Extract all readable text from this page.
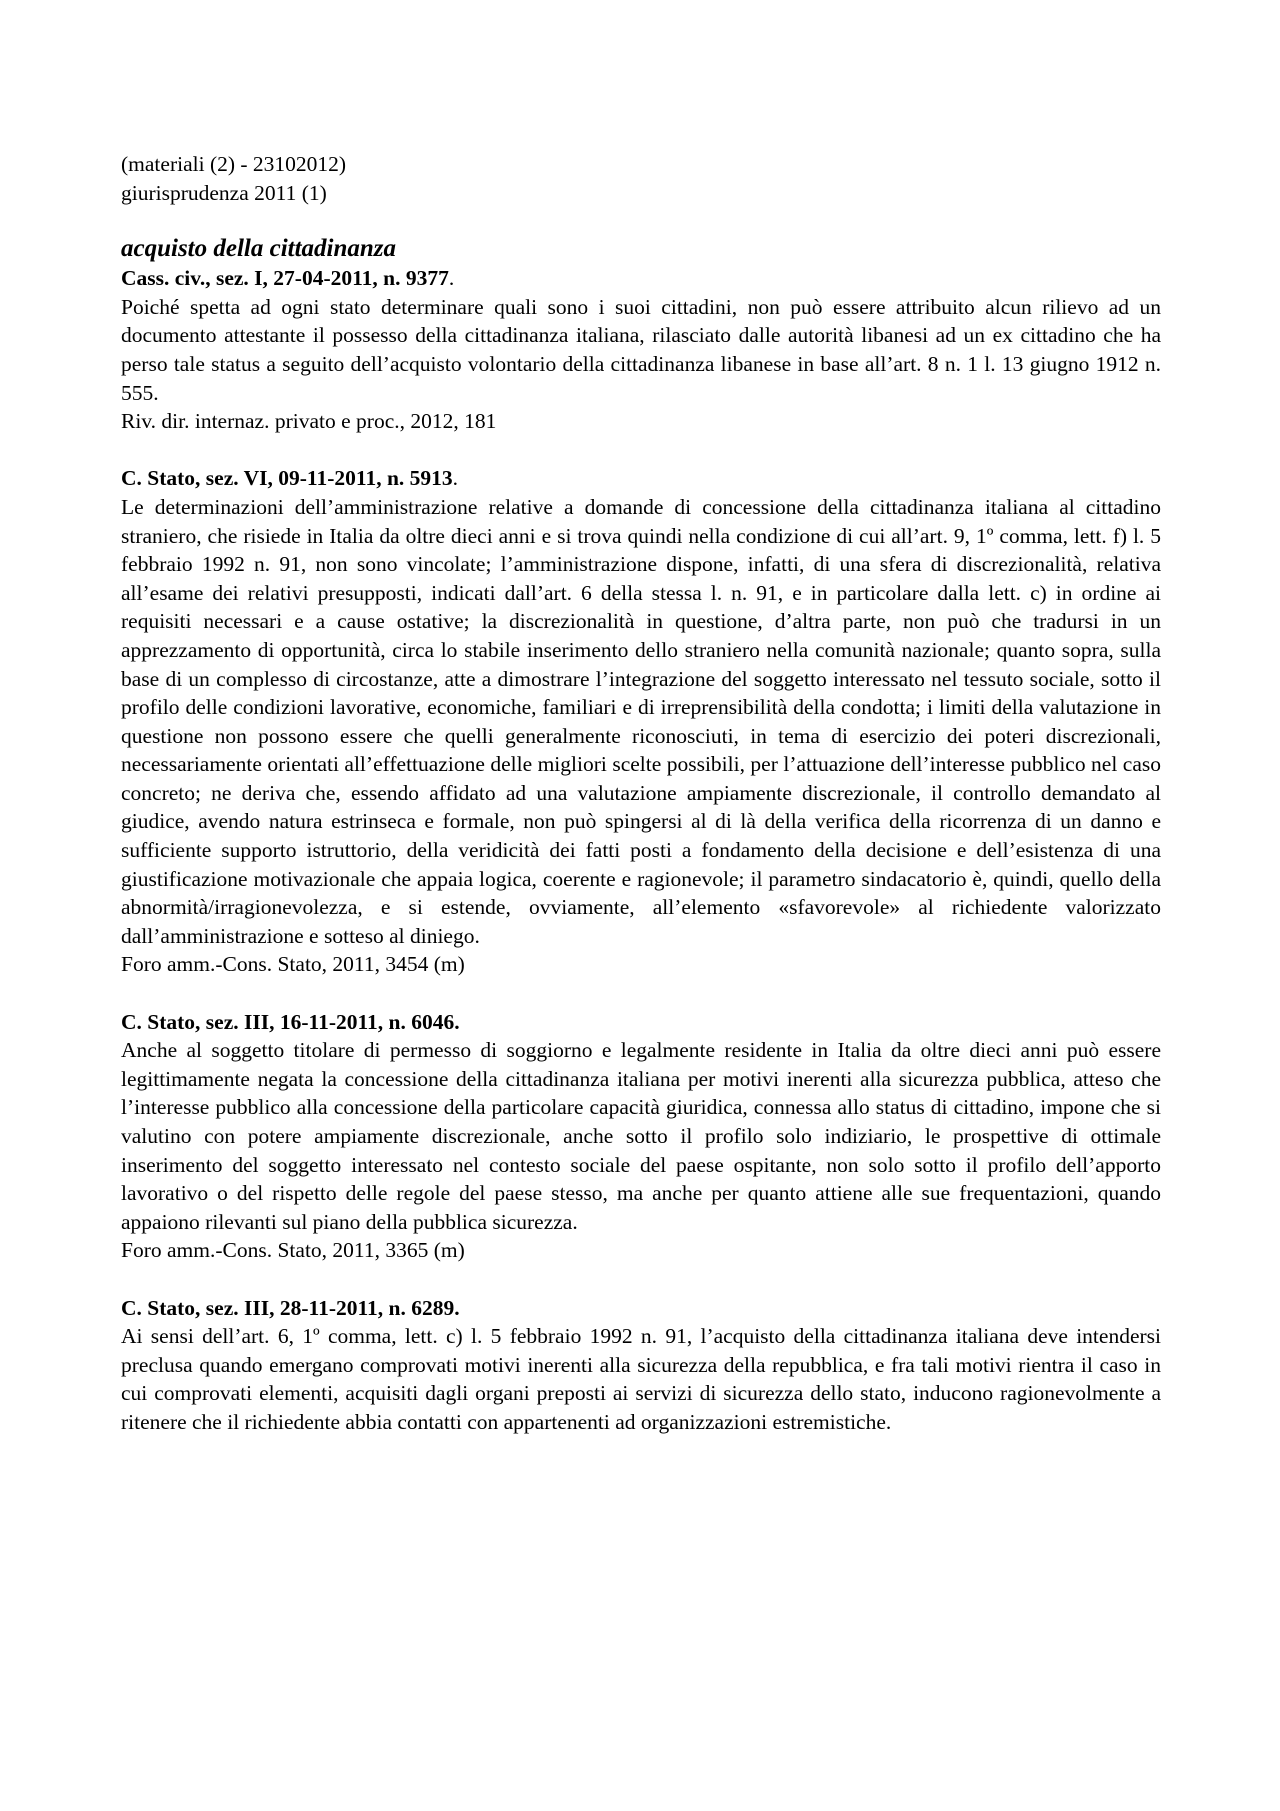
(materiali (2) - 23102012)
giurisprudenza 2011 (1)
acquisto della cittadinanza
Cass. civ., sez. I, 27-04-2011, n. 9377.
Poiché spetta ad ogni stato determinare quali sono i suoi cittadini, non può essere attribuito alcun rilievo ad un documento attestante il possesso della cittadinanza italiana, rilasciato dalle autorità libanesi ad un ex cittadino che ha perso tale status a seguito dell’acquisto volontario della cittadinanza libanese in base all’art. 8 n. 1 l. 13 giugno 1912 n. 555.
Riv. dir. internaz. privato e proc., 2012, 181
C. Stato, sez. VI, 09-11-2011, n. 5913.
Le determinazioni dell’amministrazione relative a domande di concessione della cittadinanza italiana al cittadino straniero, che risiede in Italia da oltre dieci anni e si trova quindi nella condizione di cui all’art. 9, 1º comma, lett. f) l. 5 febbraio 1992 n. 91, non sono vincolate; l’amministrazione dispone, infatti, di una sfera di discrezionalità, relativa all’esame dei relativi presupposti, indicati dall’art. 6 della stessa l. n. 91, e in particolare dalla lett. c) in ordine ai requisiti necessari e a cause ostative; la discrezionalità in questione, d’altra parte, non può che tradursi in un apprezzamento di opportunità, circa lo stabile inserimento dello straniero nella comunità nazionale; quanto sopra, sulla base di un complesso di circostanze, atte a dimostrare l’integrazione del soggetto interessato nel tessuto sociale, sotto il profilo delle condizioni lavorative, economiche, familiari e di irreprensibilità della condotta; i limiti della valutazione in questione non possono essere che quelli generalmente riconosciuti, in tema di esercizio dei poteri discrezionali, necessariamente orientati all’effettuazione delle migliori scelte possibili, per l’attuazione dell’interesse pubblico nel caso concreto; ne deriva che, essendo affidato ad una valutazione ampiamente discrezionale, il controllo demandato al giudice, avendo natura estrinseca e formale, non può spingersi al di là della verifica della ricorrenza di un danno e sufficiente supporto istruttorio, della veridicità dei fatti posti a fondamento della decisione e dell’esistenza di una giustificazione motivazionale che appaia logica, coerente e ragionevole; il parametro sindacatorio è, quindi, quello della abnormità/irragionevolezza, e si estende, ovviamente, all’elemento «sfavorevole» al richiedente valorizzato dall’amministrazione e sotteso al diniego.
Foro amm.-Cons. Stato, 2011, 3454 (m)
C. Stato, sez. III, 16-11-2011, n. 6046.
Anche al soggetto titolare di permesso di soggiorno e legalmente residente in Italia da oltre dieci anni può essere legittimamente negata la concessione della cittadinanza italiana per motivi inerenti alla sicurezza pubblica, atteso che l’interesse pubblico alla concessione della particolare capacità giuridica, connessa allo status di cittadino, impone che si valutino con potere ampiamente discrezionale, anche sotto il profilo solo indiziario, le prospettive di ottimale inserimento del soggetto interessato nel contesto sociale del paese ospitante, non solo sotto il profilo dell’apporto lavorativo o del rispetto delle regole del paese stesso, ma anche per quanto attiene alle sue frequentazioni, quando appaiono rilevanti sul piano della pubblica sicurezza.
Foro amm.-Cons. Stato, 2011, 3365 (m)
C. Stato, sez. III, 28-11-2011, n. 6289.
Ai sensi dell’art. 6, 1º comma, lett. c) l. 5 febbraio 1992 n. 91, l’acquisto della cittadinanza italiana deve intendersi preclusa quando emergano comprovati motivi inerenti alla sicurezza della repubblica, e fra tali motivi rientra il caso in cui comprovati elementi, acquisiti dagli organi preposti ai servizi di sicurezza dello stato, inducono ragionevolmente a ritenere che il richiedente abbia contatti con appartenenti ad organizzazioni estremistiche.
